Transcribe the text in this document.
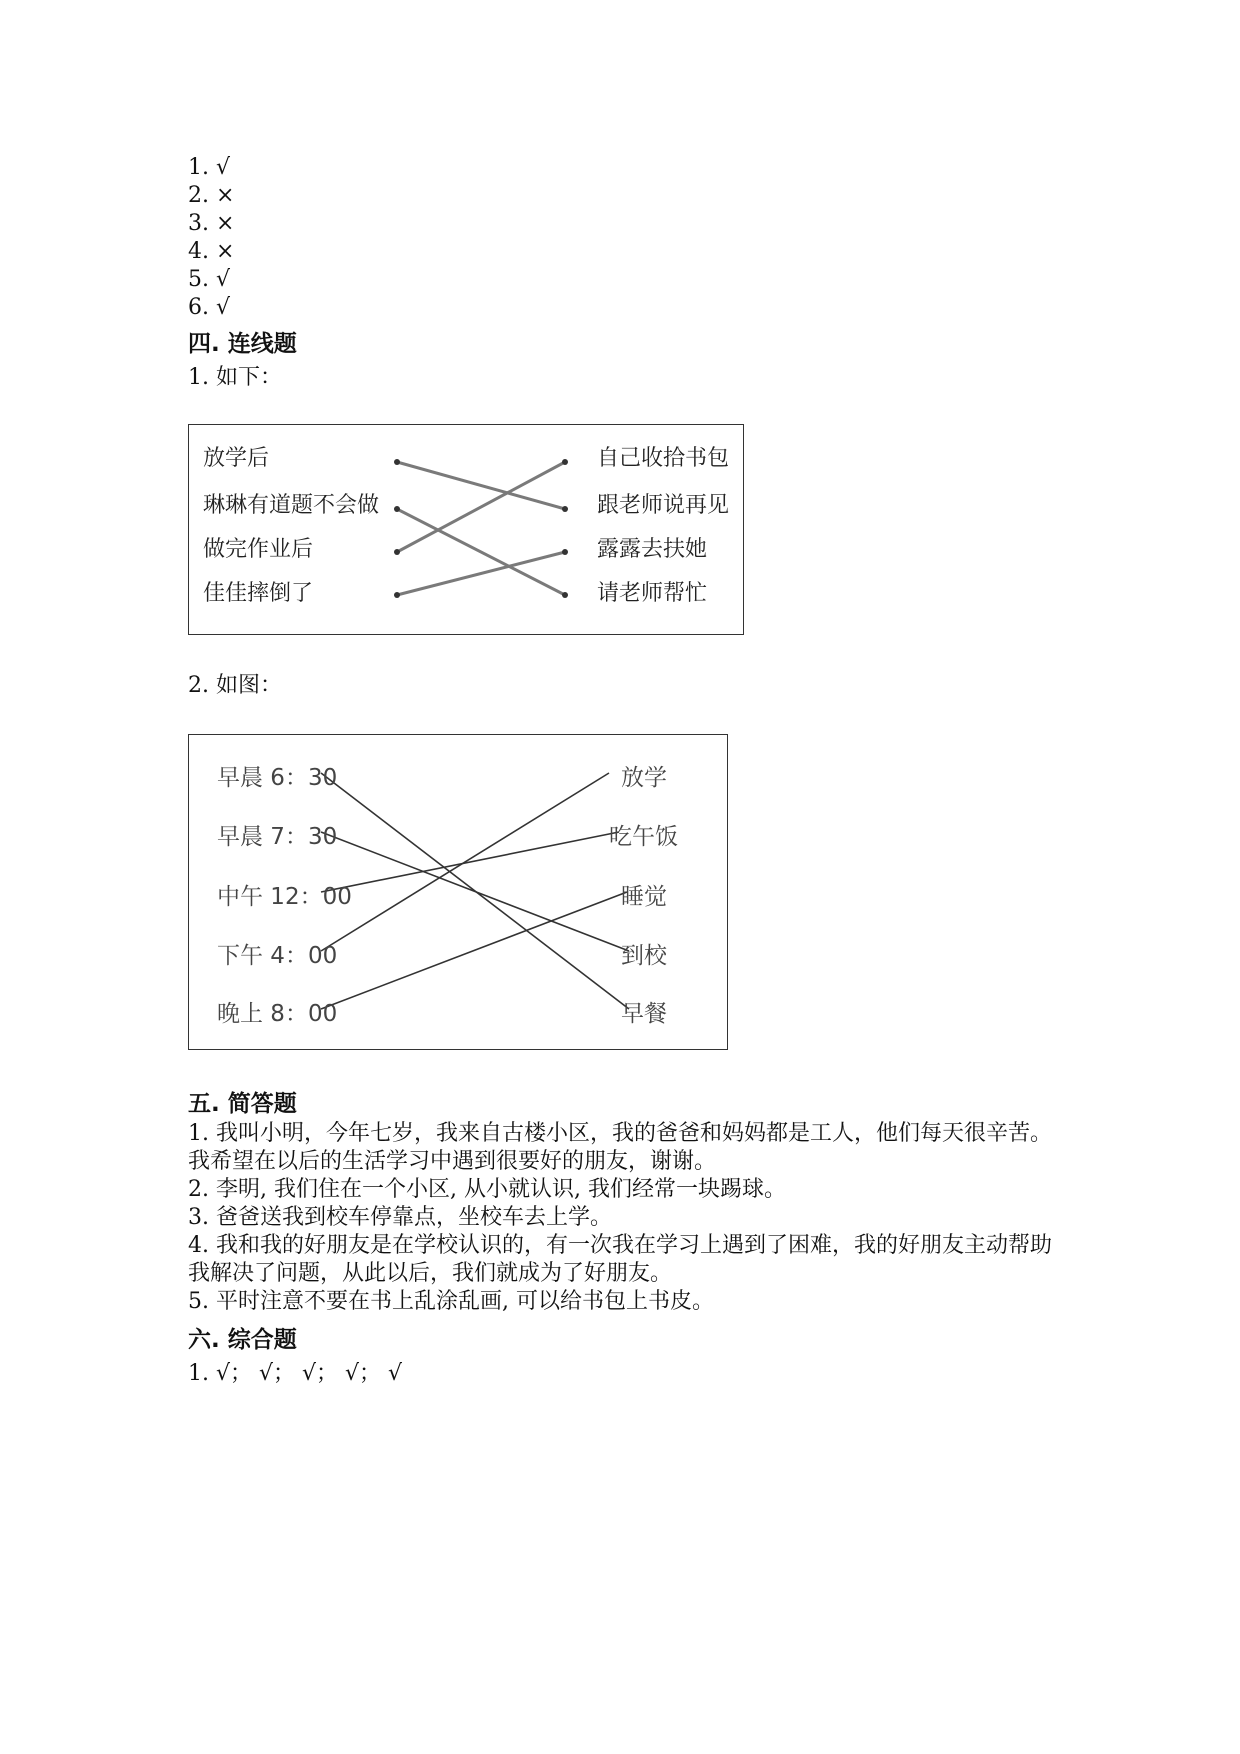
1. √
2. ×
3. ×
4. ×
5. √
6. √
四. 连线题
1. 如下：
放学后
琳琳有道题不会做
做完作业后
佳佳摔倒了
自己收拾书包
跟老师说再见
露露去扶她
请老师帮忙
2. 如图：
早晨 6：30
早晨 7：30
中午 12：00
下午 4：00
晚上 8：00
放学
吃午饭
睡觉
到校
早餐
五. 简答题
1. 我叫小明，今年七岁，我来自古楼小区，我的爸爸和妈妈都是工人，他们每天很辛苦。我希望在以后的生活学习中遇到很要好的朋友，谢谢。
2. 李明, 我们住在一个小区, 从小就认识, 我们经常一块踢球。
3. 爸爸送我到校车停靠点，坐校车去上学。
4. 我和我的好朋友是在学校认识的，有一次我在学习上遇到了困难，我的好朋友主动帮助我解决了问题，从此以后，我们就成为了好朋友。
5. 平时注意不要在书上乱涂乱画, 可以给书包上书皮。
六. 综合题
1. √； √； √； √； √
